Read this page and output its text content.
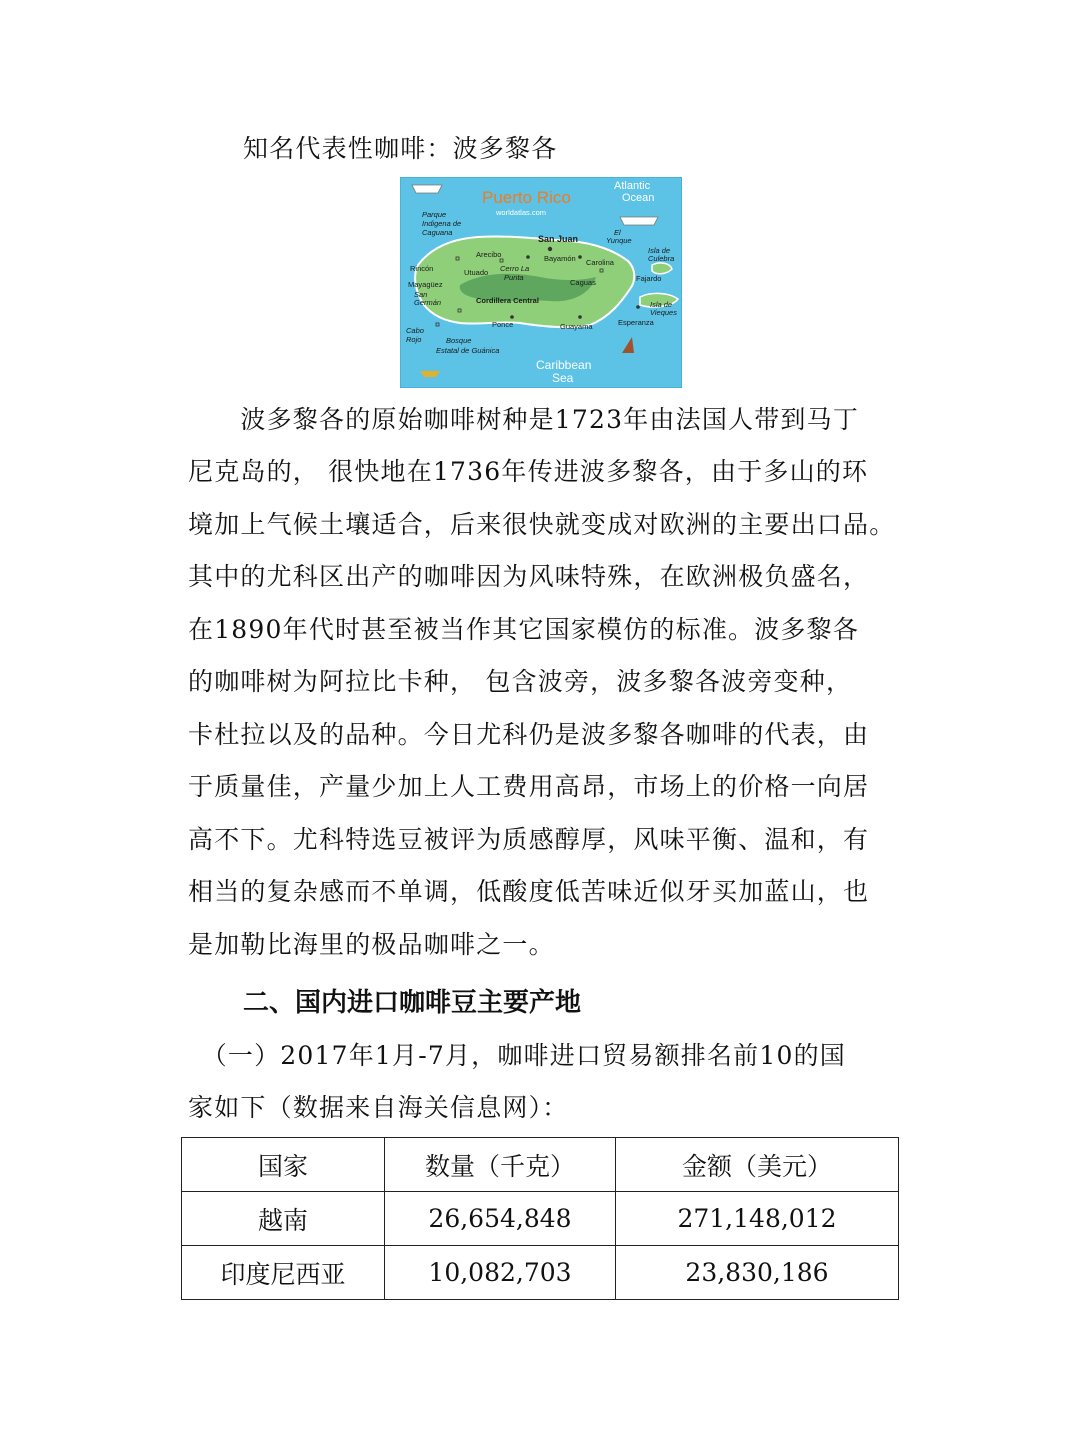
知名代表性咖啡：波多黎各
Puerto Rico
worldatlas.com
Atlantic
Ocean
Caribbean
Sea
Parque
Indigena de
Caguana
San Juan
El
Yunque
Isla de
Culebra
Arecibo	Bayamón Carolina
Rincón	Utuado Cerro La
Punta
Caguas	Fajardo
Mayagüez
San
Germán	Cordillera Central	Isla de
Vieques
Cabo
Rojo
Ponce	Guayama	Esperanza
Bosque
Estatal de Guánica
　　波多黎各的原始咖啡树种是1723年由法国人带到马丁
尼克岛的， 很快地在1736年传进波多黎各，由于多山的环
境加上气候土壤适合，后来很快就变成对欧洲的主要出口品。
其中的尤科区出产的咖啡因为风味特殊，在欧洲极负盛名，
在1890年代时甚至被当作其它国家模仿的标准。波多黎各
的咖啡树为阿拉比卡种， 包含波旁，波多黎各波旁变种，
卡杜拉以及的品种。今日尤科仍是波多黎各咖啡的代表，由
于质量佳，产量少加上人工费用高昂，市场上的价格一向居
高不下。尤科特选豆被评为质感醇厚，风味平衡、温和，有
相当的复杂感而不单调，低酸度低苦味近似牙买加蓝山，也
是加勒比海里的极品咖啡之一。
二、国内进口咖啡豆主要产地
　（一）2017年1月-7月，咖啡进口贸易额排名前10的国
家如下（数据来自海关信息网）：
国家	数量（千克）	金额（美元）
越南	26,654,848	271,148,012
印度尼西亚	10,082,703	23,830,186
